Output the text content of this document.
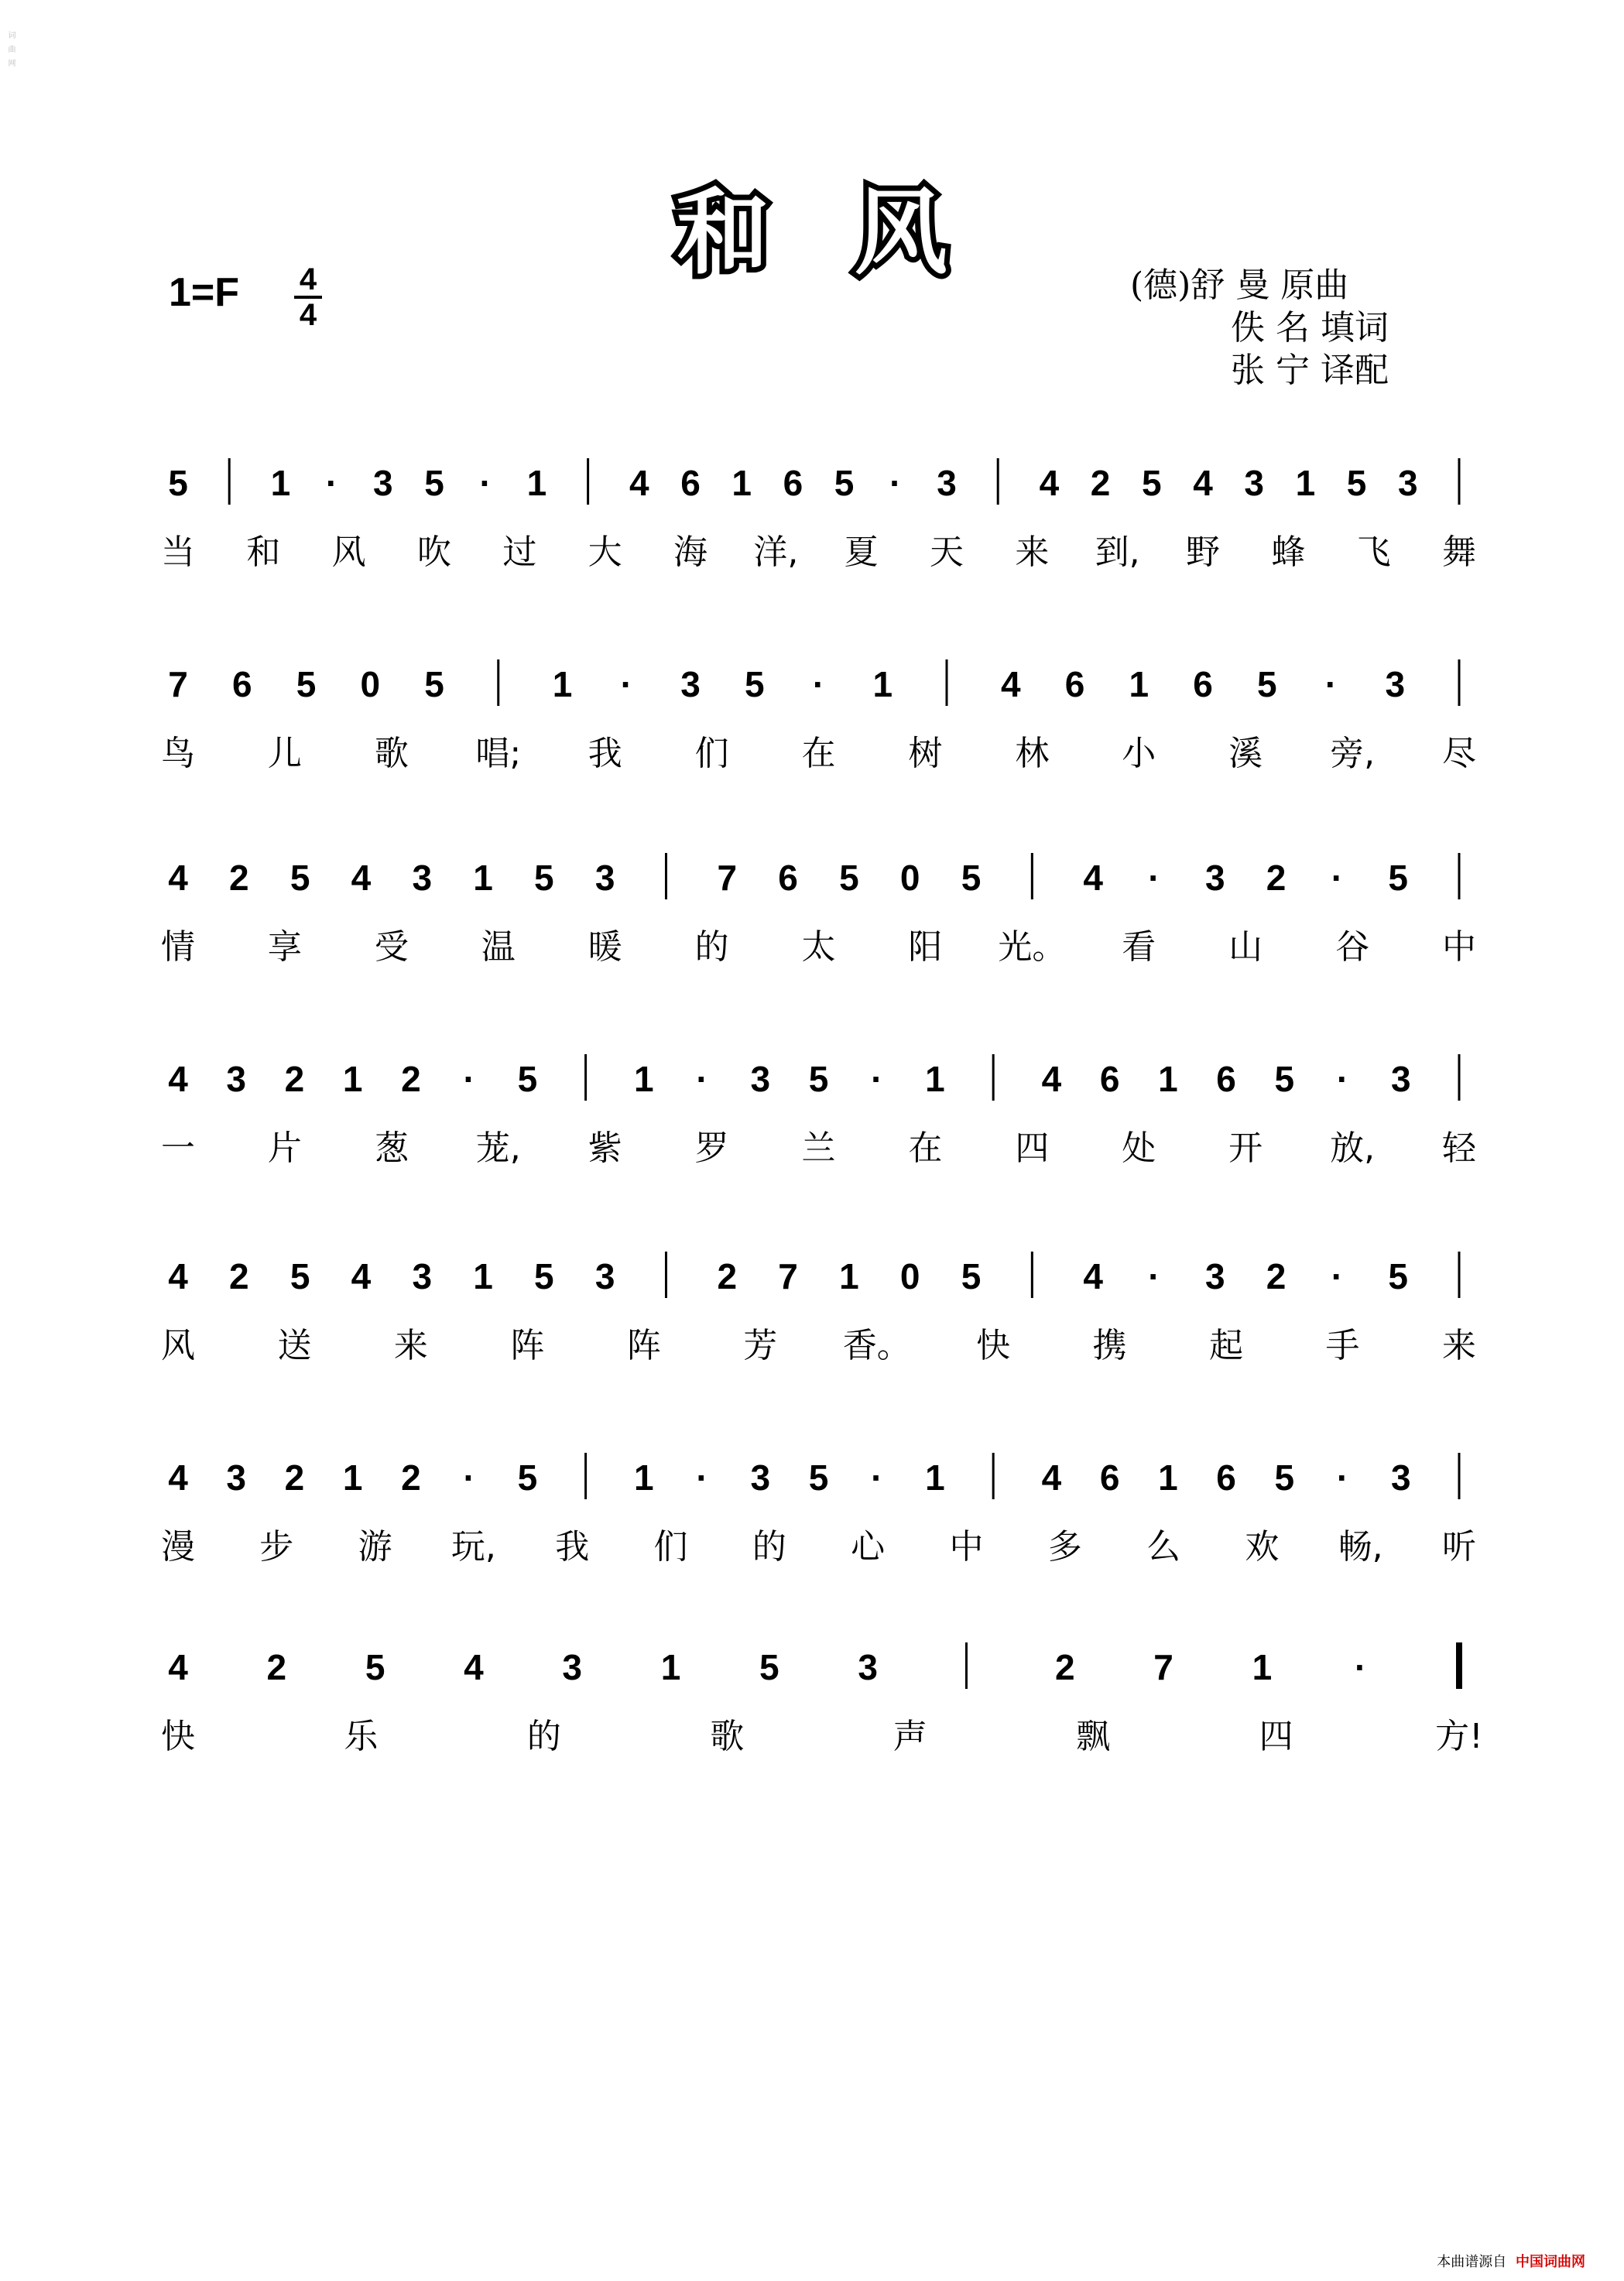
和风
1=F 4
4
(德)舒 曼 原曲
佚 名 填词
张 宁 译配
5 1 · 3 5 · 1 4 6 1 6 5 · 3 4 2 5 4 3 1 5 3
当 和 风 吹 过 大 海 洋, 夏 天 来 到, 野 蜂 飞 舞
7 6 5 0 5	1 · 3 5 · 1	4 6 1 6 5 · 3
鸟 儿 歌 唱; 我 们 在 树 林 小 溪 旁, 尽
4 2 5 4 3 1 5 3	7 6 5 0 5	4 · 3 2 · 5
情 享 受 温 暖 的 太 阳 光。 看 山 谷 中
4 3 2 1 2 · 5	1 · 3 5 · 1	4 6 1 6 5 · 3
一 片 葱 茏, 紫 罗 兰 在 四 处 开 放, 轻
4 2 5 4 3 1 5 3	2 7 1 0 5	4 · 3 2 · 5
风 送 来 阵 阵 芳 香。 快 携 起 手 来
4 3 2 1 2 · 5	1 · 3 5 · 1	4 6 1 6 5 · 3
漫 步 游 玩, 我 们 的 心 中 多 么 欢 畅, 听
4 2 5 4 3 1 5 3	2 7 1 ·
快	乐	的	歌	声	飘	四	方!
本曲谱源自 中国词曲网
词曲网
